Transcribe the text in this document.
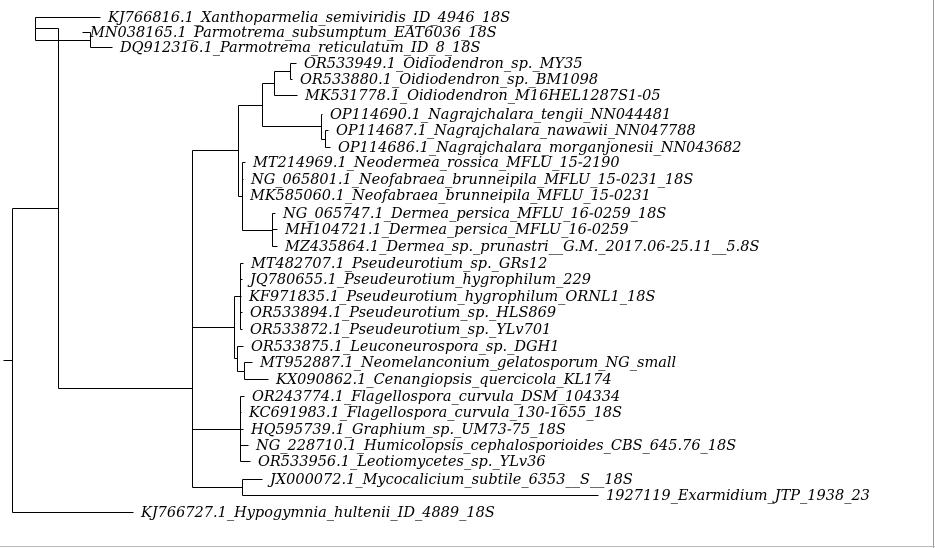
KJ766816.1_Xanthoparmelia_semiviridis_ID_4946_18S
MN038165.1_Parmotrema_subsumptum_EAT6036_18S
DQ912316.1_Parmotrema_reticulatum_ID_8_18S
OR533949.1_Oidiodendron_sp._MY35
OR533880.1_Oidiodendron_sp._BM1098
MK531778.1_Oidiodendron_M16HEL1287S1-05
OP114690.1_Nagrajchalara_tengii_NN044481
OP114687.1_Nagrajchalara_nawawii_NN047788
OP114686.1_Nagrajchalara_morganjonesii_NN043682
MT214969.1_Neodermea_rossica_MFLU_15-2190
NG_065801.1_Neofabraea_brunneipila_MFLU_15-0231_18S
MK585060.1_Neofabraea_brunneipila_MFLU_15-0231
NG_065747.1_Dermea_persica_MFLU_16-0259_18S
MH104721.1_Dermea_persica_MFLU_16-0259
MZ435864.1_Dermea_sp._prunastri__G.M._2017.06-25.11__5.8S
MT482707.1_Pseudeurotium_sp._GRs12
JQ780655.1_Pseudeurotium_hygrophilum_229
KF971835.1_Pseudeurotium_hygrophilum_ORNL1_18S
OR533894.1_Pseudeurotium_sp._HLS869
OR533872.1_Pseudeurotium_sp._YLv701
OR533875.1_Leuconeurospora_sp._DGH1
MT952887.1_Neomelanconium_gelatosporum_NG_small
KX090862.1_Cenangiopsis_quercicola_KL174
OR243774.1_Flagellospora_curvula_DSM_104334
KC691983.1_Flagellospora_curvula_130-1655_18S
HQ595739.1_Graphium_sp._UM73-75_18S
NG_228710.1_Humicolopsis_cephalosporioides_CBS_645.76_18S
OR533956.1_Leotiomycetes_sp._YLv36
JX000072.1_Mycocalicium_subtile_6353__S__18S
1927119_Exarmidium_JTP_1938_23
KJ766727.1_Hypogymnia_hultenii_ID_4889_18S
